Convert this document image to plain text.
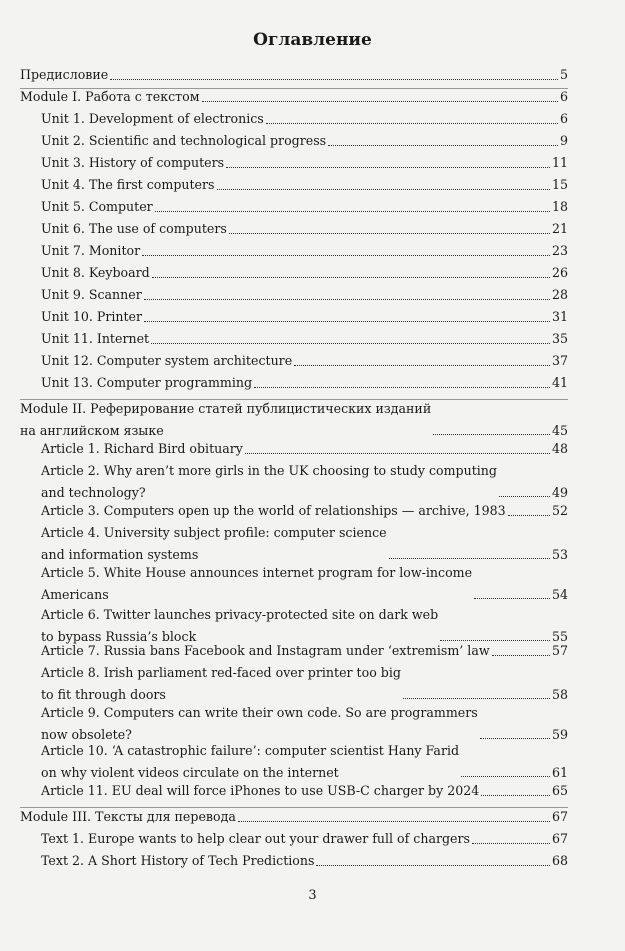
Оглавление
Предисловие	5
Module I. Работа с текстом	6
Unit 1. Development of electronics	6
Unit 2. Scientific and technological progress	9
Unit 3. History of computers	11
Unit 4. The first computers	15
Unit 5. Computer	18
Unit 6. The use of computers	21
Unit 7. Monitor	23
Unit 8. Keyboard	26
Unit 9. Scanner	28
Unit 10. Printer	31
Unit 11. Internet	35
Unit 12. Computer system architecture	37
Unit 13. Computer programming	41
Module II. Реферирование статей публицистических изданий
на английском языке	45
Article 1. Richard Bird obituary	48
Article 2. Why aren’t more girls in the UK choosing to study computing
and technology?	49
Article 3. Computers open up the world of relationships — archive, 1983	52
Article 4. University subject profile: computer science
and information systems	53
Article 5. White House announces internet program for low-income
Americans	54
Article 6. Twitter launches privacy-protected site on dark web
to bypass Russia’s block	55
Article 7. Russia bans Facebook and Instagram under ‘extremism’ law	57
Article 8. Irish parliament red-faced over printer too big
to fit through doors	58
Article 9. Computers can write their own code. So are programmers
now obsolete?	59
Article 10. ‘A catastrophic failure’: computer scientist Hany Farid
on why violent videos circulate on the internet	61
Article 11. EU deal will force iPhones to use USB-C charger by 2024	65
Module III. Тексты для перевода	67
Text 1. Europe wants to help clear out your drawer full of chargers	67
Text 2. A Short History of Tech Predictions	68
3
